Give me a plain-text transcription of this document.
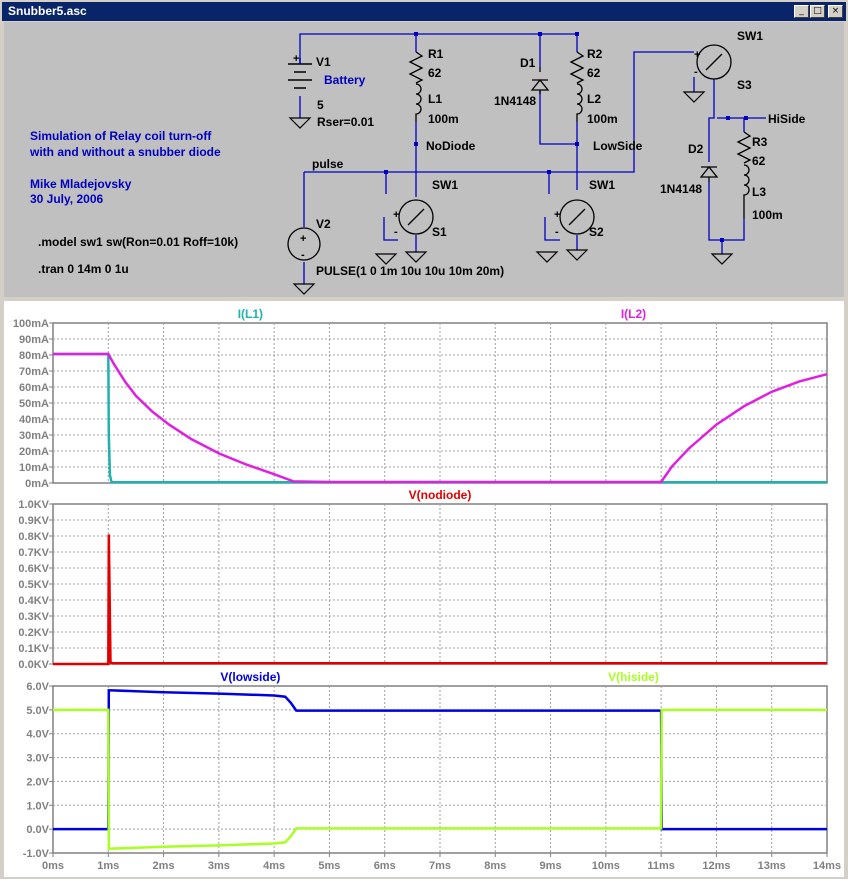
Snubber5.asc	_	□	×
+
+
-
+
-
+
-
+
-
V1
Battery
5
Rser=0.01
R1
62
L1
100m
NoDiode
D1
1N4148
R2
62
L2
100m
LowSide
SW1
S3
HiSide
R3
62
D2
1N4148	L3
100m
pulse
SW1
S1
SW1
S2
V2
PULSE(1 0 1m 10u 10u 10m 20m)
.model sw1 sw(Ron=0.01 Roff=10k)
.tran 0 14m 0 1u
Simulation of Relay coil turn-off
with and without a snubber diode
Mike Mladejovsky
30 July, 2006
0mA
10mA
20mA
30mA
40mA
50mA
60mA
70mA
80mA
90mA
100mA
I(L1)	I(L2)
0.0KV
0.1KV
0.2KV
0.3KV
0.4KV
0.5KV
0.6KV
0.7KV
0.8KV
0.9KV
1.0KV
V(nodiode)
-1.0V
0.0V
1.0V
2.0V
3.0V
4.0V
5.0V
6.0V
0ms	1ms	2ms	3ms	4ms	5ms	6ms	7ms	8ms	9ms	10ms 11ms 12ms 13ms 14ms
V(lowside)	V(hiside)
